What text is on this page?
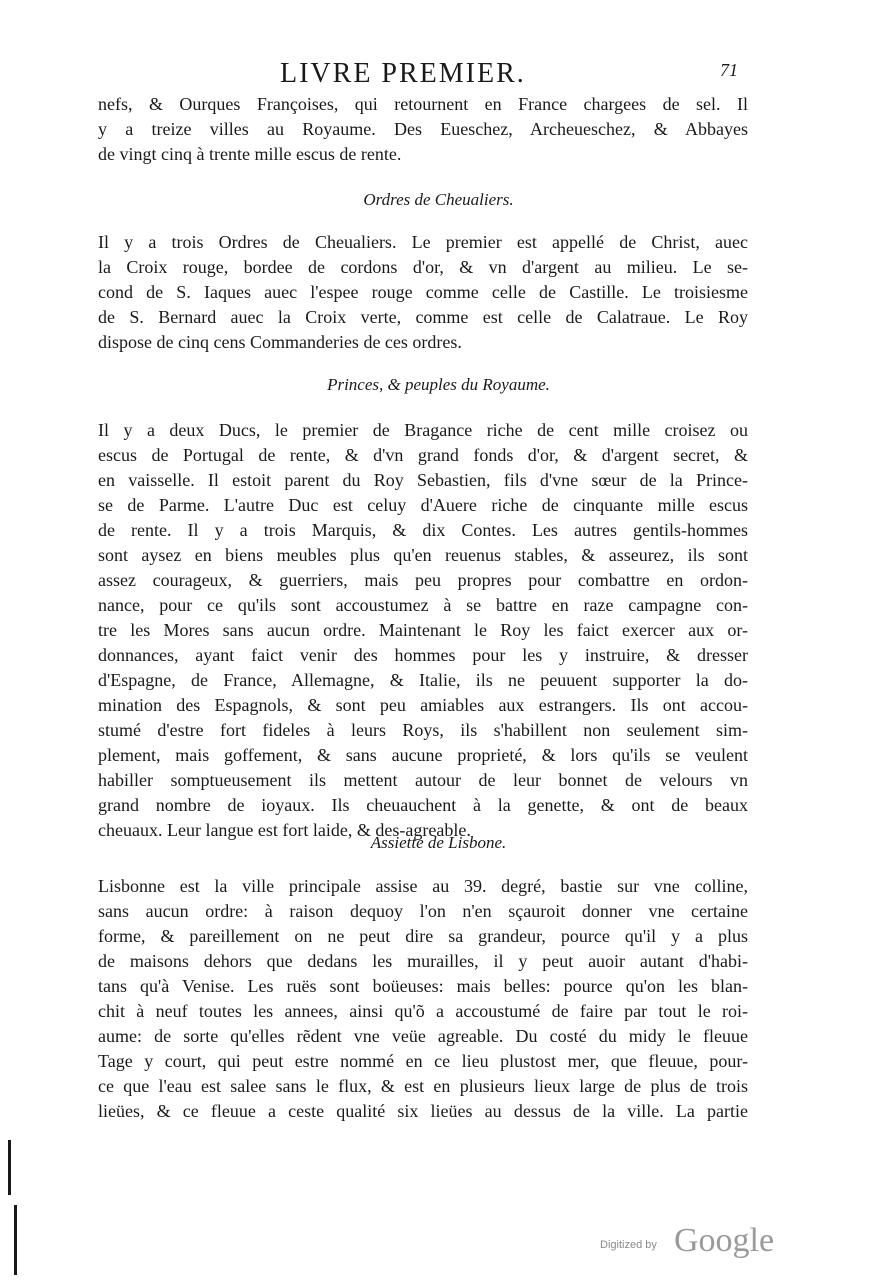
LIVRE PREMIER.	71
nefs, & Ourques Françoises, qui retournent en France chargees de sel. Il
y a treize villes au Royaume. Des Eueschez, Archeueschez, & Abbayes
de vingt cinq à trente mille escus de rente.
Ordres de Cheualiers.
Il y a trois Ordres de Cheualiers. Le premier est appellé de Christ, auec
la Croix rouge, bordee de cordons d'or, & vn d'argent au milieu. Le se-
cond de S. Iaques auec l'espee rouge comme celle de Castille. Le troisiesme
de S. Bernard auec la Croix verte, comme est celle de Calatraue. Le Roy
dispose de cinq cens Commanderies de ces ordres.
Princes, & peuples du Royaume.
Il y a deux Ducs, le premier de Bragance riche de cent mille croisez ou
escus de Portugal de rente, & d'vn grand fonds d'or, & d'argent secret, &
en vaisselle. Il estoit parent du Roy Sebastien, fils d'vne sœur de la Prince-
se de Parme. L'autre Duc est celuy d'Auere riche de cinquante mille escus
de rente. Il y a trois Marquis, & dix Contes. Les autres gentils-hommes
sont aysez en biens meubles plus qu'en reuenus stables, & asseurez, ils sont
assez courageux, & guerriers, mais peu propres pour combattre en ordon-
nance, pour ce qu'ils sont accoustumez à se battre en raze campagne con-
tre les Mores sans aucun ordre. Maintenant le Roy les faict exercer aux or-
donnances, ayant faict venir des hommes pour les y instruire, & dresser
d'Espagne, de France, Allemagne, & Italie, ils ne peuuent supporter la do-
mination des Espagnols, & sont peu amiables aux estrangers. Ils ont accou-
stumé d'estre fort fideles à leurs Roys, ils s'habillent non seulement sim-
plement, mais goffement, & sans aucune proprieté, & lors qu'ils se veulent
habiller somptueusement ils mettent autour de leur bonnet de velours vn
grand nombre de ioyaux. Ils cheuauchent à la genette, & ont de beaux
cheuaux. Leur langue est fort laide, & des-agreable.
Assiette de Lisbone.
Lisbonne est la ville principale assise au 39. degré, bastie sur vne colline,
sans aucun ordre: à raison dequoy l'on n'en sçauroit donner vne certaine
forme, & pareillement on ne peut dire sa grandeur, pource qu'il y a plus
de maisons dehors que dedans les murailles, il y peut auoir autant d'habi-
tans qu'à Venise. Les ruës sont boüeuses: mais belles: pource qu'on les blan-
chit à neuf toutes les annees, ainsi qu'õ a accoustumé de faire par tout le roi-
aume: de sorte qu'elles rẽdent vne veüe agreable. Du costé du midy le fleuue
Tage y court, qui peut estre nommé en ce lieu plustost mer, que fleuue, pour-
ce que l'eau est salee sans le flux, & est en plusieurs lieux large de plus de trois
lieües, & ce fleuue a ceste qualité six lieües au dessus de la ville. La partie
Digitized by Google
